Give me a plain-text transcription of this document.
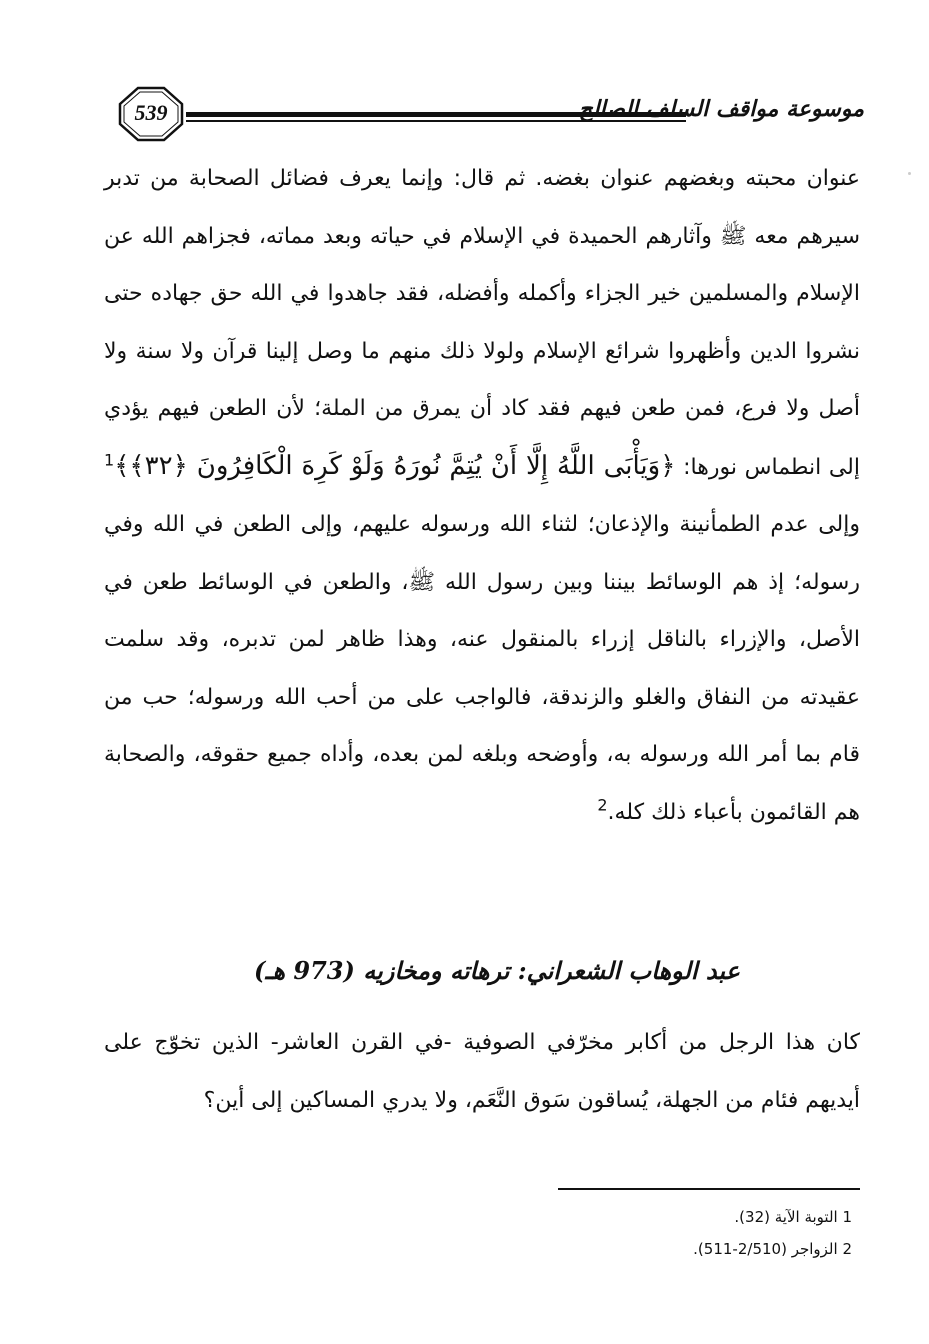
539	موسوعة مواقف السلف الصالح

عنوان محبته وبغضهم عنوان بغضه. ثم قال: وإنما يعرف فضائل الصحابة من تدبر سيرهم معه ﷺ وآثارهم الحميدة في الإسلام في حياته وبعد مماته، فجزاهم الله عن الإسلام والمسلمين خير الجزاء وأكمله وأفضله، فقد جاهدوا في الله حق جهاده حتى نشروا الدين وأظهروا شرائع الإسلام ولولا ذلك منهم ما وصل إلينا قرآن ولا سنة ولا أصل ولا فرع، فمن طعن فيهم فقد كاد أن يمرق من الملة؛ لأن الطعن فيهم يؤدي إلى انطماس نورها: ﴿وَيَأْبَى اللَّهُ إِلَّا أَنْ يُتِمَّ نُورَهُ وَلَوْ كَرِهَ الْكَافِرُونَ ﴿٣٢﴾﴾$^1$ وإلى عدم الطمأنينة والإذعان؛ لثناء الله ورسوله عليهم، وإلى الطعن في الله وفي رسوله؛ إذ هم الوسائط بيننا وبين رسول الله ﷺ، والطعن في الوسائط طعن في الأصل، والإزراء بالناقل إزراء بالمنقول عنه، وهذا ظاهر لمن تدبره، وقد سلمت عقيدته من النفاق والغلو والزندقة، فالواجب على من أحب الله ورسوله؛ حب من قام بما أمر الله ورسوله به، وأوضحه وبلغه لمن بعده، وأداه جميع حقوقه، والصحابة هم القائمون بأعباء ذلك كله.$^2$

عبد الوهاب الشعراني: ترهاته ومخازيه (973 هـ)

كان هذا الرجل من أكابر مخرّفي الصوفية -في القرن العاشر- الذين تخوّج على أيديهم فئام من الجهلة، يُساقون سَوق النَّعَم، ولا يدري المساكين إلى أين؟

1 التوبة الآية (32).
2 الزواجر (2/510-511).
